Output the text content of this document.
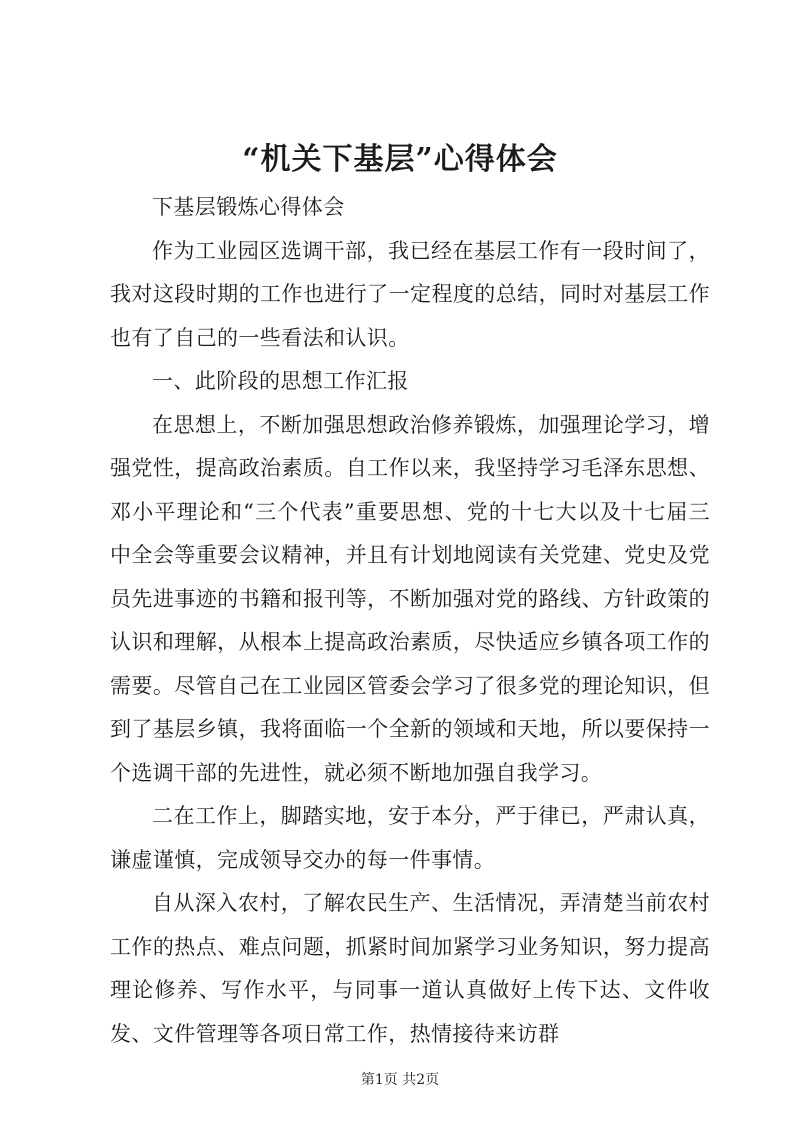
“机关下基层”心得体会

下基层锻炼心得体会

作为工业园区选调干部，我已经在基层工作有一段时间了，我对这段时期的工作也进行了一定程度的总结，同时对基层工作也有了自己的一些看法和认识。

一、此阶段的思想工作汇报

在思想上，不断加强思想政治修养锻炼，加强理论学习，增强党性，提高政治素质。自工作以来，我坚持学习毛泽东思想、邓小平理论和“三个代表”重要思想、党的十七大以及十七届三中全会等重要会议精神，并且有计划地阅读有关党建、党史及党员先进事迹的书籍和报刊等，不断加强对党的路线、方针政策的认识和理解，从根本上提高政治素质，尽快适应乡镇各项工作的需要。尽管自己在工业园区管委会学习了很多党的理论知识，但到了基层乡镇，我将面临一个全新的领域和天地，所以要保持一个选调干部的先进性，就必须不断地加强自我学习。

二在工作上，脚踏实地，安于本分，严于律已，严肃认真，谦虚谨慎，完成领导交办的每一件事情。

自从深入农村，了解农民生产、生活情况，弄清楚当前农村工作的热点、难点问题，抓紧时间加紧学习业务知识，努力提高理论修养、写作水平，与同事一道认真做好上传下达、文件收发、文件管理等各项日常工作，热情接待来访群

第1页 共2页
